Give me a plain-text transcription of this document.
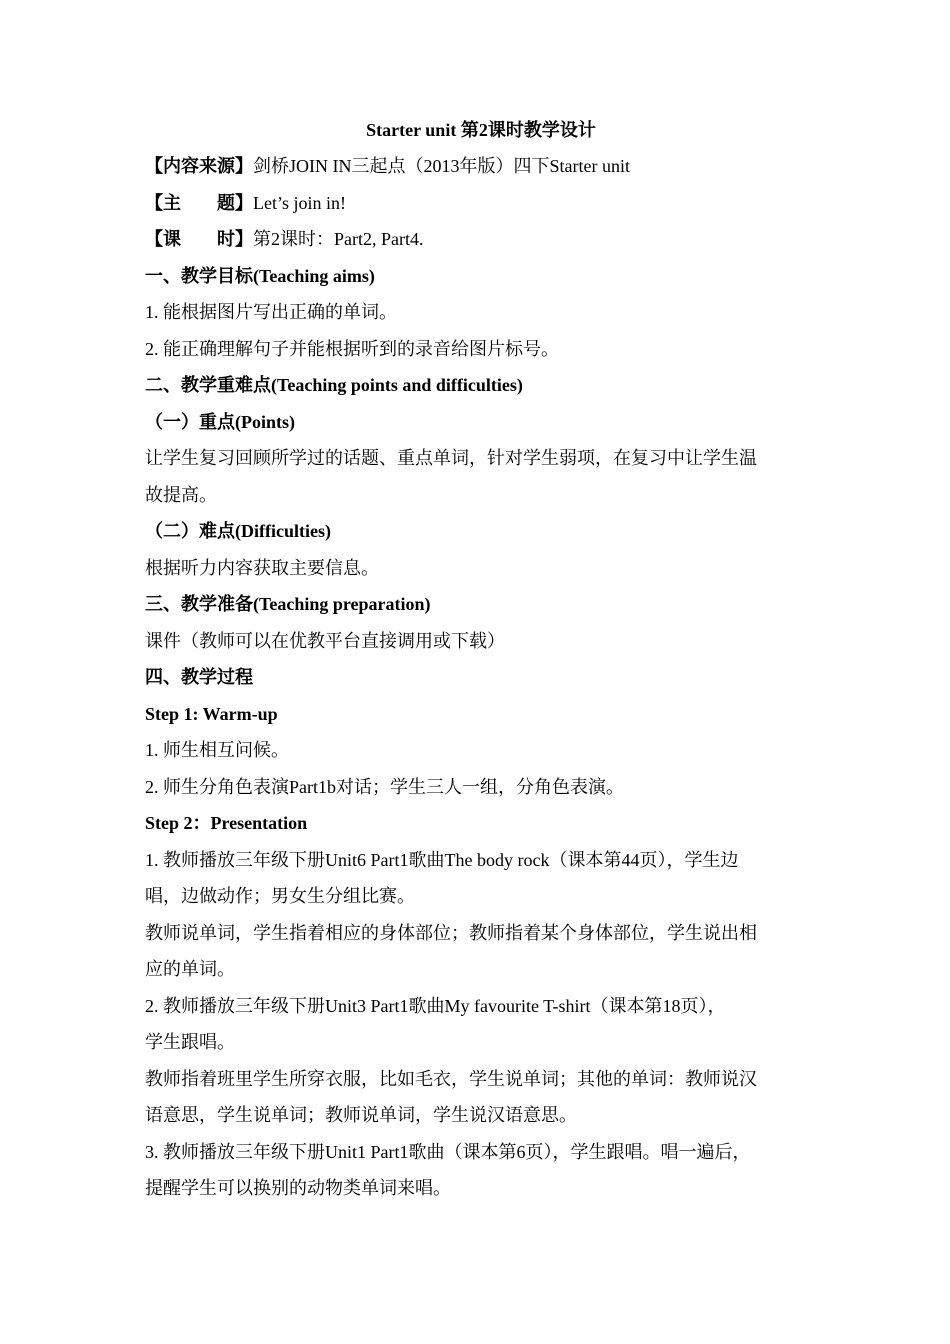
Starter unit 第2课时教学设计
【内容来源】剑桥JOIN IN三起点（2013年版）四下Starter unit
【主　　题】Let’s join in!
【课　　时】第2课时：Part2, Part4.
一、教学目标(Teaching aims)
1. 能根据图片写出正确的单词。
2. 能正确理解句子并能根据听到的录音给图片标号。
二、教学重难点(Teaching points and difficulties)
（一）重点(Points)
让学生复习回顾所学过的话题、重点单词，针对学生弱项，在复习中让学生温
故提高。
（二）难点(Difficulties)
根据听力内容获取主要信息。
三、教学准备(Teaching preparation)
课件（教师可以在优教平台直接调用或下载）
四、教学过程
Step 1: Warm-up
1. 师生相互问候。
2. 师生分角色表演Part1b对话；学生三人一组，分角色表演。
Step 2：Presentation
1. 教师播放三年级下册Unit6 Part1歌曲The body rock（课本第44页），学生边
唱，边做动作；男女生分组比赛。
教师说单词，学生指着相应的身体部位；教师指着某个身体部位，学生说出相
应的单词。
2. 教师播放三年级下册Unit3 Part1歌曲My favourite T-shirt（课本第18页），
学生跟唱。
教师指着班里学生所穿衣服，比如毛衣，学生说单词；其他的单词：教师说汉
语意思，学生说单词；教师说单词，学生说汉语意思。
3. 教师播放三年级下册Unit1 Part1歌曲（课本第6页），学生跟唱。唱一遍后，
提醒学生可以换别的动物类单词来唱。
